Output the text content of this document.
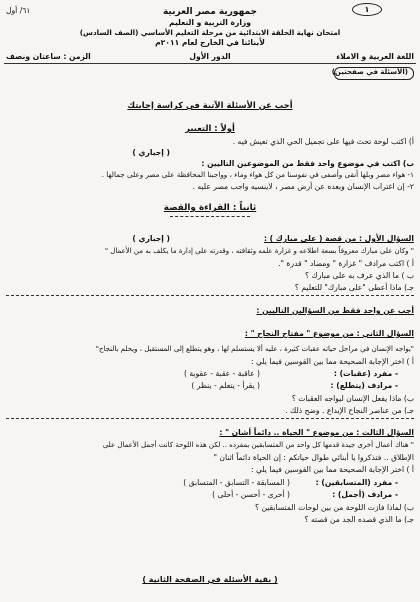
٦١/ أول	١
جمهورية مصر العربية
وزارة التربية و التعليم
امتحان نهاية الحلقة الابتدائية من مرحلة التعليم الأساسي (الصف السادس)
لأبنائنا في الخارج لعام ٢٠١١م
اللغة العربية و الاملاء
الدور الأول
الزمن : ساعتان ونصف
(الأسئلة في صفحتين)
أجب عن الأسئلة الآتية في كراسة إجابتك
أولاً : التعبير
أ) اكتب لوحة تحث فيها على تجميل الحي الذي تعيش فيه .
( إجباري )
ب) اكتب في موضوع واحد فقط من الموضوعين التاليين :
١- هواء مصر وبلها أنقى وأصفى في نفوسنا من كل هواء وماء ، وواجبنا المحافظة على مصر وعلى جمالها .
٢- إن اغتراب الإنسان وبعده عن أرض مصر ، لاينسيه واجب مصر عليه .
ثانياً : القراءة والقصة
السؤال الأول : من قصة ( على مبارك ) :
( إجباري )
" وكان على مبارك معروفاً بسعة اطلاعه و غزارة علمه وثقافته ، وقدرته على إدارة ما يكلف به من الأعمال "
أ ) اكتب مرادف " غزارة " ومضاد " قدرة ".
ب ) ما الذي عرف به على مبارك ؟
جـ) ماذا أعطى "على مبارك" للتعليم ؟
أجب عن واحد فقط من السؤالين التاليين :
السؤال الثاني : من موضوع " مفتاح النجاح " :
"يواجه الإنسان في مراحل حياته عقبات كثيرة ، عليه ألا يستسلم لها ، وهو يتطلع إلى المستقبل ، ويحلم بالنجاح"
أ ) اختر الإجابة الصحيحة مما بين القوسين فيما يلي :
- مفرد (عقبات) :
( عاقبة - عقبة - عقوبة )
- مرادف (يتطلع) :
( يقرأ - يتعلم - ينظر )
ب) ماذا يفعل الإنسان ليواجه العقبات ؟
جـ) من عناصر النجاح الإبداع . وضح ذلك .
السؤال الثالث : من موضوع " الحياة .. دائماً أشان " :
" هناك أعمال أخرى جيدة قدمها كل واحد من المتسابقين بمفرده .. لكن هذه اللوحة كانت أجمل الأعمال على
الإطلاق .. فتذكروا يا أبنائي طوال حياتكم : إن الحياة دائماً اثنان "
أ ) اختر الإجابة الصحيحة مما بين القوسين فيما يلي :
- مفرد (المتسابقين) :
( المسابقة - التسابق - المتسابق )
- مرادف (أجمل) :
( أحرى - أحسن - أحلى )
ب) لماذا فازت اللوحة من بين لوحات المتسابقين ؟
جـ) ما الذي قصده الجد من قصته ؟
( بقية الأسئلة في الصفحة الثانية )
